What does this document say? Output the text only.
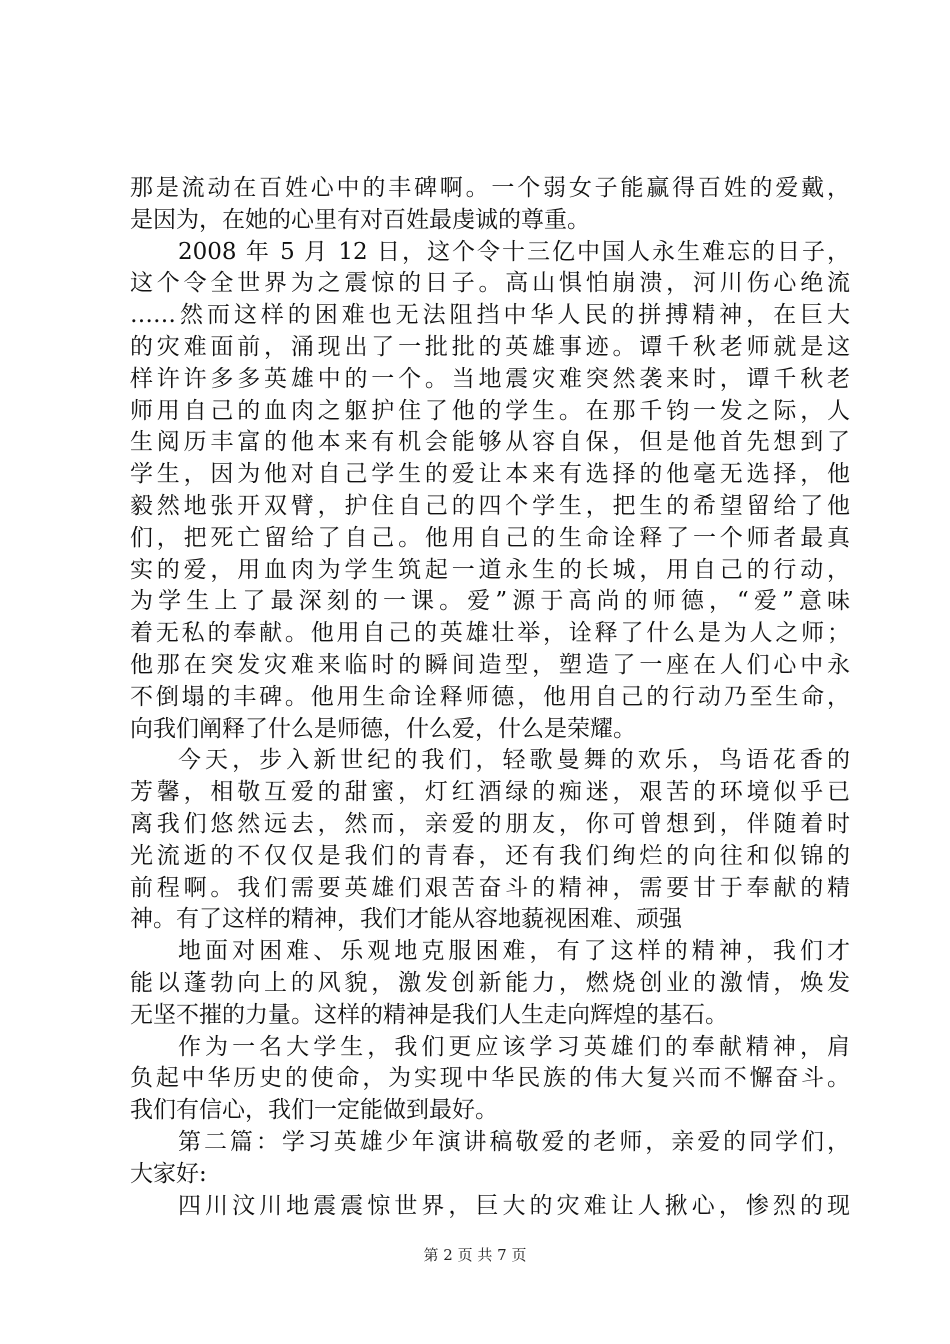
那是流动在百姓心中的丰碑啊。一个弱女子能赢得百姓的爱戴，
是因为，在她的心里有对百姓最虔诚的尊重。
2008 年 5 月 12 日，这个令十三亿中国人永生难忘的日子，
这个令全世界为之震惊的日子。高山惧怕崩溃，河川伤心绝流
……然而这样的困难也无法阻挡中华人民的拼搏精神，在巨大
的灾难面前，涌现出了一批批的英雄事迹。谭千秋老师就是这
样许许多多英雄中的一个。当地震灾难突然袭来时，谭千秋老
师用自己的血肉之躯护住了他的学生。在那千钧一发之际，人
生阅历丰富的他本来有机会能够从容自保，但是他首先想到了
学生，因为他对自己学生的爱让本来有选择的他毫无选择，他
毅然地张开双臂，护住自己的四个学生，把生的希望留给了他
们，把死亡留给了自己。他用自己的生命诠释了一个师者最真
实的爱，用血肉为学生筑起一道永生的长城，用自己的行动，
为学生上了最深刻的一课。爱”源于高尚的师德，“爱”意味
着无私的奉献。他用自己的英雄壮举，诠释了什么是为人之师；
他那在突发灾难来临时的瞬间造型，塑造了一座在人们心中永
不倒塌的丰碑。他用生命诠释师德，他用自己的行动乃至生命，
向我们阐释了什么是师德，什么爱，什么是荣耀。
今天，步入新世纪的我们，轻歌曼舞的欢乐，鸟语花香的
芳馨，相敬互爱的甜蜜，灯红酒绿的痴迷，艰苦的环境似乎已
离我们悠然远去，然而，亲爱的朋友，你可曾想到，伴随着时
光流逝的不仅仅是我们的青春，还有我们绚烂的向往和似锦的
前程啊。我们需要英雄们艰苦奋斗的精神，需要甘于奉献的精
神。有了这样的精神，我们才能从容地藐视困难、顽强
地面对困难、乐观地克服困难，有了这样的精神，我们才
能以蓬勃向上的风貌，激发创新能力，燃烧创业的激情，焕发
无坚不摧的力量。这样的精神是我们人生走向辉煌的基石。
作为一名大学生，我们更应该学习英雄们的奉献精神，肩
负起中华历史的使命，为实现中华民族的伟大复兴而不懈奋斗。
我们有信心，我们一定能做到最好。
第二篇：学习英雄少年演讲稿敬爱的老师，亲爱的同学们，
大家好:
四川汶川地震震惊世界，巨大的灾难让人揪心，惨烈的现
第 2 页 共 7 页
